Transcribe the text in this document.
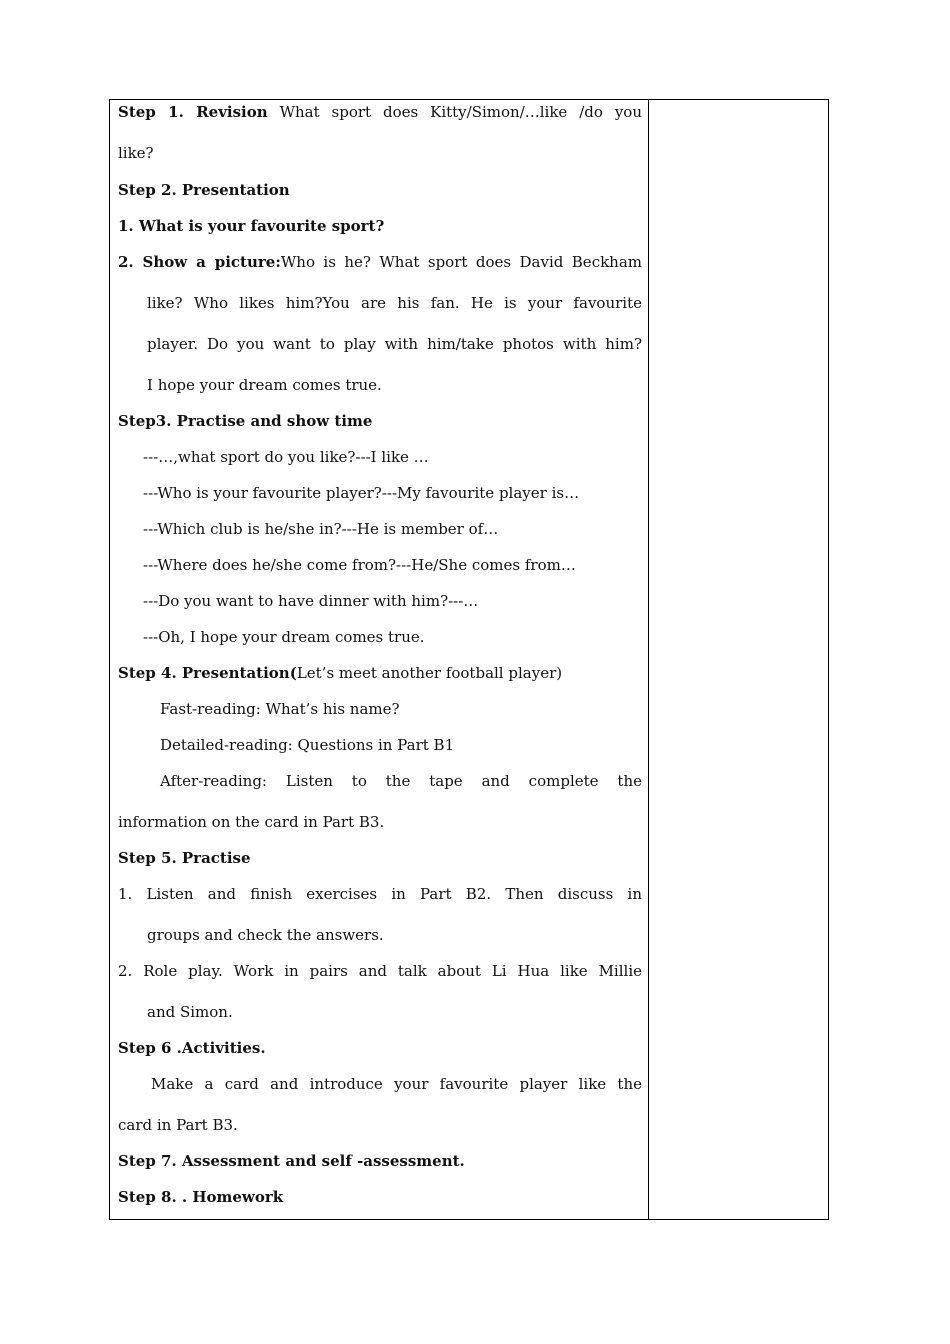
Step 1. Revision What sport does Kitty/Simon/…like /do you
like?
Step 2. Presentation
1. What is your favourite sport?
2. Show a picture:Who is he? What sport does David Beckham
like? Who likes him?You are his fan. He is your favourite
player. Do you want to play with him/take photos with him?
I hope your dream comes true.
Step3. Practise and show time
---…,what sport do you like?---I like …
---Who is your favourite player?---My favourite player is…
---Which club is he/she in?---He is member of…
---Where does he/she come from?---He/She comes from…
---Do you want to have dinner with him?---…
---Oh, I hope your dream comes true.
Step 4. Presentation(Let’s meet another football player)
Fast-reading: What’s his name?
Detailed-reading: Questions in Part B1
After-reading: Listen to the tape and complete the
information on the card in Part B3.
Step 5. Practise
1. Listen and finish exercises in Part B2. Then discuss in
groups and check the answers.
2. Role play. Work in pairs and talk about Li Hua like Millie
and Simon.
Step 6 .Activities.
Make a card and introduce your favourite player like the
card in Part B3.
Step 7. Assessment and self -assessment.
Step 8. . Homework
